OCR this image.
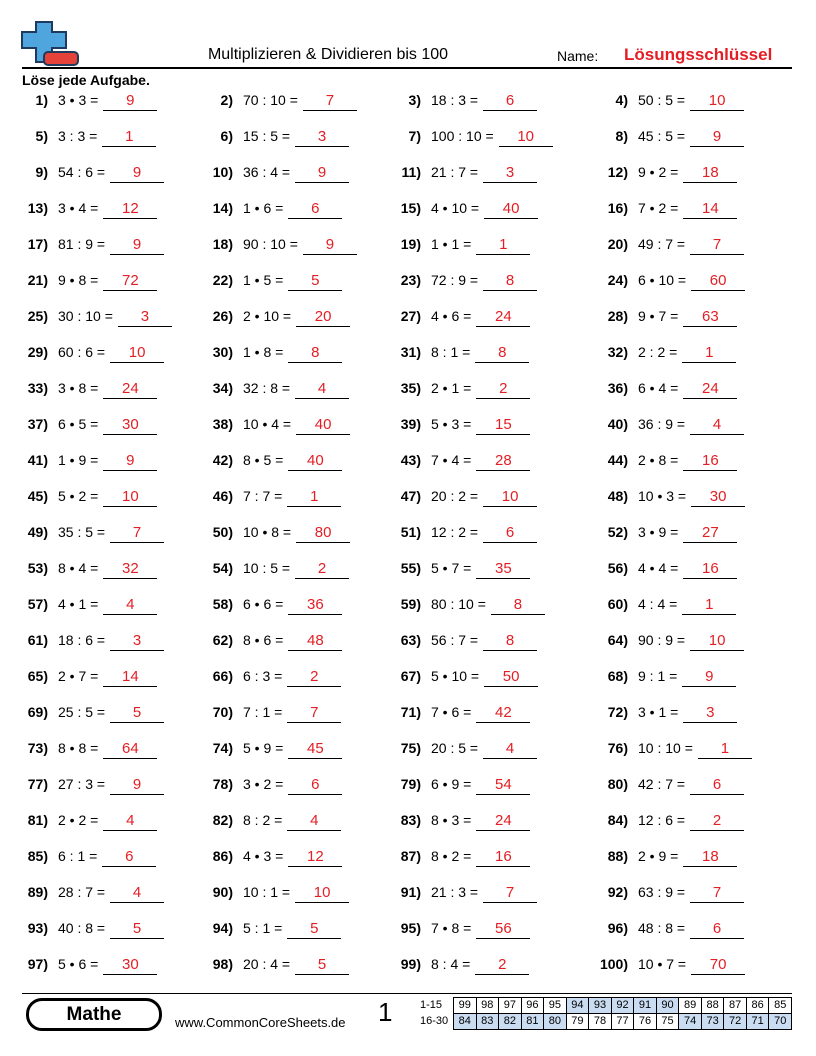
Multiplizieren & Dividieren bis 100	Name: Lösungsschlüssel
Löse jede Aufgabe.
1) 3 • 3 =	9	2) 70 : 10 =	7	3) 18 : 3 =	6	4) 50 : 5 =	10
5) 3 : 3 =	1	6) 15 : 5 =	3	7) 100 : 10 =	10	8) 45 : 5 =	9
9) 54 : 6 =	9	10) 36 : 4 =	9	11) 21 : 7 =	3	12) 9 • 2 =	18
13) 3 • 4 =	12	14) 1 • 6 =	6	15) 4 • 10 =	40	16) 7 • 2 =	14
17) 81 : 9 =	9	18) 90 : 10 =	9	19) 1 • 1 =	1	20) 49 : 7 =	7
21) 9 • 8 =	72	22) 1 • 5 =	5	23) 72 : 9 =	8	24) 6 • 10 =	60
25) 30 : 10 =	3	26) 2 • 10 =	20	27) 4 • 6 =	24	28) 9 • 7 =	63
29) 60 : 6 =	10	30) 1 • 8 =	8	31) 8 : 1 =	8	32) 2 : 2 =	1
33) 3 • 8 =	24	34) 32 : 8 =	4	35) 2 • 1 =	2	36) 6 • 4 =	24
37) 6 • 5 =	30	38) 10 • 4 =	40	39) 5 • 3 =	15	40) 36 : 9 =	4
41) 1 • 9 =	9	42) 8 • 5 =	40	43) 7 • 4 =	28	44) 2 • 8 =	16
45) 5 • 2 =	10	46) 7 : 7 =	1	47) 20 : 2 =	10	48) 10 • 3 =	30
49) 35 : 5 =	7	50) 10 • 8 =	80	51) 12 : 2 =	6	52) 3 • 9 =	27
53) 8 • 4 =	32	54) 10 : 5 =	2	55) 5 • 7 =	35	56) 4 • 4 =	16
57) 4 • 1 =	4	58) 6 • 6 =	36	59) 80 : 10 =	8	60) 4 : 4 =	1
61) 18 : 6 =	3	62) 8 • 6 =	48	63) 56 : 7 =	8	64) 90 : 9 =	10
65) 2 • 7 =	14	66) 6 : 3 =	2	67) 5 • 10 =	50	68) 9 : 1 =	9
69) 25 : 5 =	5	70) 7 : 1 =	7	71) 7 • 6 =	42	72) 3 • 1 =	3
73) 8 • 8 =	64	74) 5 • 9 =	45	75) 20 : 5 =	4	76) 10 : 10 =	1
77) 27 : 3 =	9	78) 3 • 2 =	6	79) 6 • 9 =	54	80) 42 : 7 =	6
81) 2 • 2 =	4	82) 8 : 2 =	4	83) 8 • 3 =	24	84) 12 : 6 =	2
85) 6 : 1 =	6	86) 4 • 3 =	12	87) 8 • 2 =	16	88) 2 • 9 =	18
89) 28 : 7 =	4	90) 10 : 1 =	10	91) 21 : 3 =	7	92) 63 : 9 =	7
93) 40 : 8 =	5	94) 5 : 1 =	5	95) 7 • 8 =	56	96) 48 : 8 =	6
97) 5 • 6 =	30	98) 20 : 4 =	5	99) 8 : 4 =	2	100) 10 • 7 =	70
Mathe	www.CommonCoreSheets.de 1	1-15	99	98	97	96	95	94	93	92	91	90	89	88	87	86	85
16-30	84	83	82	81	80	79	78	77	76	75	74	73	72	71	70
